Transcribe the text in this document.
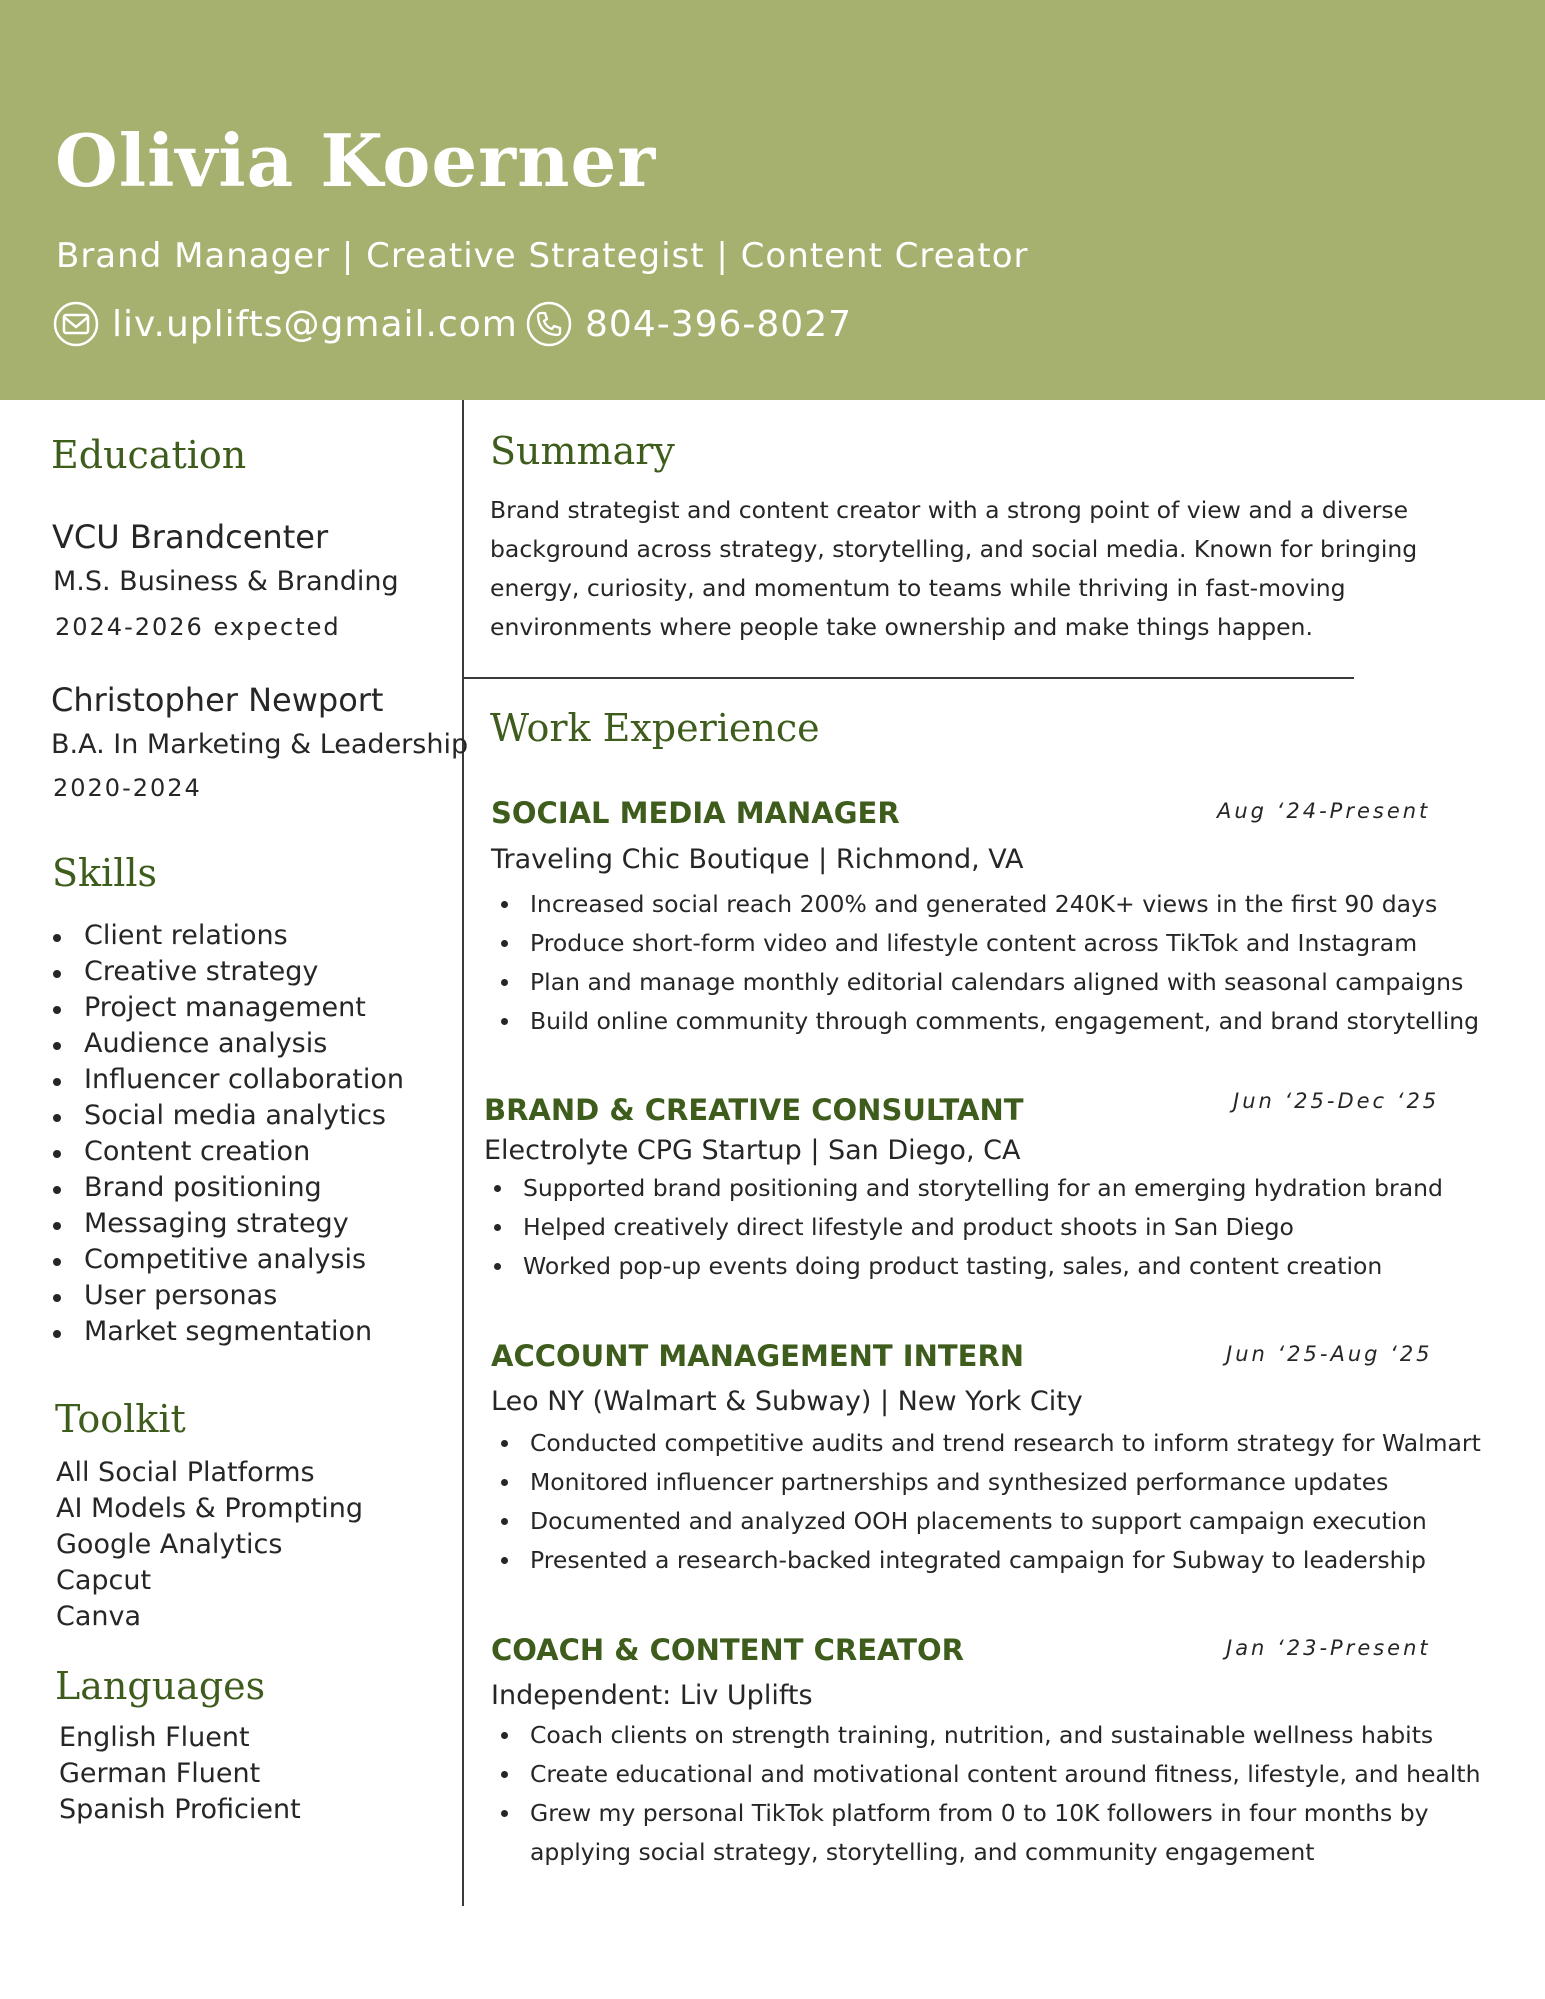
Olivia Koerner
Brand Manager | Creative Strategist | Content Creator
liv.uplifts@gmail.com 804-396-8027
Education
VCU Brandcenter
M.S. Business & Branding
2024-2026 expected
Christopher Newport
B.A. In Marketing & Leadership
2020-2024
Skills
Client relations
Creative strategy
Project management
Audience analysis
Influencer collaboration
Social media analytics
Content creation
Brand positioning
Messaging strategy
Competitive analysis
User personas
Market segmentation
Toolkit
All Social Platforms
AI Models & Prompting
Google Analytics
Capcut
Canva
Languages
English Fluent
German Fluent
Spanish Proficient
Summary
Brand strategist and content creator with a strong point of view and a diverse background across strategy, storytelling, and social media. Known for bringing energy, curiosity, and momentum to teams while thriving in fast-moving environments where people take ownership and make things happen.
Work Experience
SOCIAL MEDIA MANAGER	Aug ‘24-Present
Traveling Chic Boutique | Richmond, VA
Increased social reach 200% and generated 240K+ views in the first 90 days
Produce short-form video and lifestyle content across TikTok and Instagram
Plan and manage monthly editorial calendars aligned with seasonal campaigns
Build online community through comments, engagement, and brand storytelling
BRAND & CREATIVE CONSULTANT	Jun ‘25-Dec ‘25
Electrolyte CPG Startup | San Diego, CA
Supported brand positioning and storytelling for an emerging hydration brand
Helped creatively direct lifestyle and product shoots in San Diego
Worked pop-up events doing product tasting, sales, and content creation
ACCOUNT MANAGEMENT INTERN	Jun ‘25-Aug ‘25
Leo NY (Walmart & Subway) | New York City
Conducted competitive audits and trend research to inform strategy for Walmart
Monitored influencer partnerships and synthesized performance updates
Documented and analyzed OOH placements to support campaign execution
Presented a research-backed integrated campaign for Subway to leadership
COACH & CONTENT CREATOR	Jan ‘23-Present
Independent: Liv Uplifts
Coach clients on strength training, nutrition, and sustainable wellness habits
Create educational and motivational content around fitness, lifestyle, and health
Grew my personal TikTok platform from 0 to 10K followers in four months by applying social strategy, storytelling, and community engagement
